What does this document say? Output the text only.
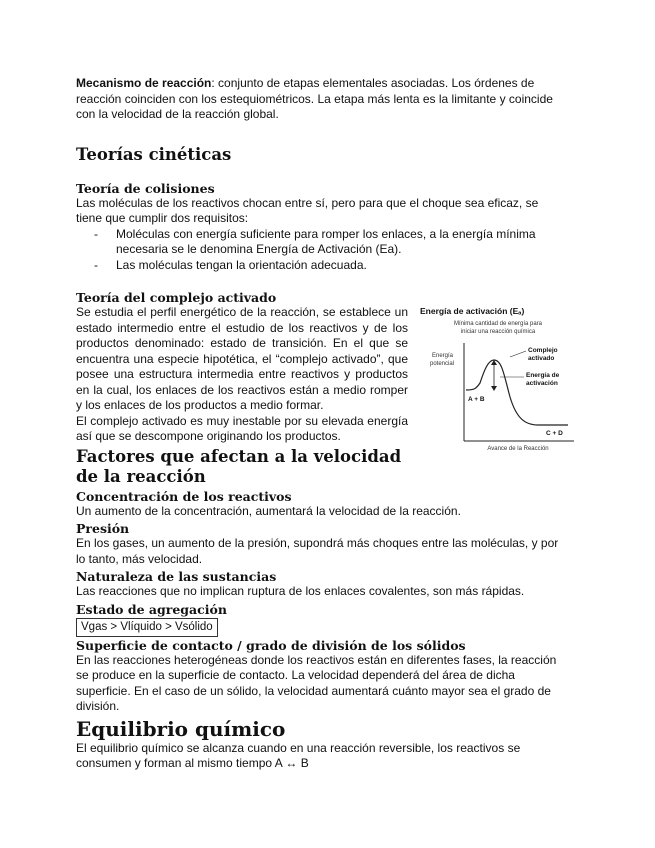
Mecanismo de reacción: conjunto de etapas elementales asociadas. Los órdenes de reacción coinciden con los estequiométricos. La etapa más lenta es la limitante y coincide con la velocidad de la reacción global.

Teorías cinéticas
Teoría de colisiones

Las moléculas de los reactivos chocan entre sí, pero para que el choque sea eficaz, se tiene que cumplir dos requisitos:

- Moléculas con energía suficiente para romper los enlaces, a la energía mínima necesaria se le denomina Energía de Activación (Ea).
- Las moléculas tengan la orientación adecuada.
Teoría del complejo activado
Energía de activación (Eₐ)
Mínima cantidad de energía para
iniciar una reacción química
Energía
potencial
Complejo
activado
Energía de
activación
A + B
C + D
Avance de la Reacción

Se estudia el perfil energético de la reacción, se establece un estado intermedio entre el estudio de los reactivos y de los productos denominado: estado de transición. En el que se encuentra una especie hipotética, el “complejo activado”, que posee una estructura intermedia entre reactivos y productos en la cual, los enlaces de los reactivos están a medio romper y los enlaces de los productos a medio formar.

El complejo activado es muy inestable por su elevada energía así que se descompone originando los productos.

Factores que afectan a la velocidad de la reacción
Concentración de los reactivos

Un aumento de la concentración, aumentará la velocidad de la reacción.

Presión

En los gases, un aumento de la presión, supondrá más choques entre las moléculas, y por lo tanto, más velocidad.

Naturaleza de las sustancias

Las reacciones que no implican ruptura de los enlaces covalentes, son más rápidas.

Estado de agregación
Vgas > Vlíquido > Vsólido
Superficie de contacto / grado de división de los sólidos

En las reacciones heterogéneas donde los reactivos están en diferentes fases, la reacción se produce en la superficie de contacto. La velocidad dependerá del área de dicha superficie. En el caso de un sólido, la velocidad aumentará cuánto mayor sea el grado de división.

Equilibrio químico

El equilibrio químico se alcanza cuando en una reacción reversible, los reactivos se consumen y forman al mismo tiempo A ↔ B
